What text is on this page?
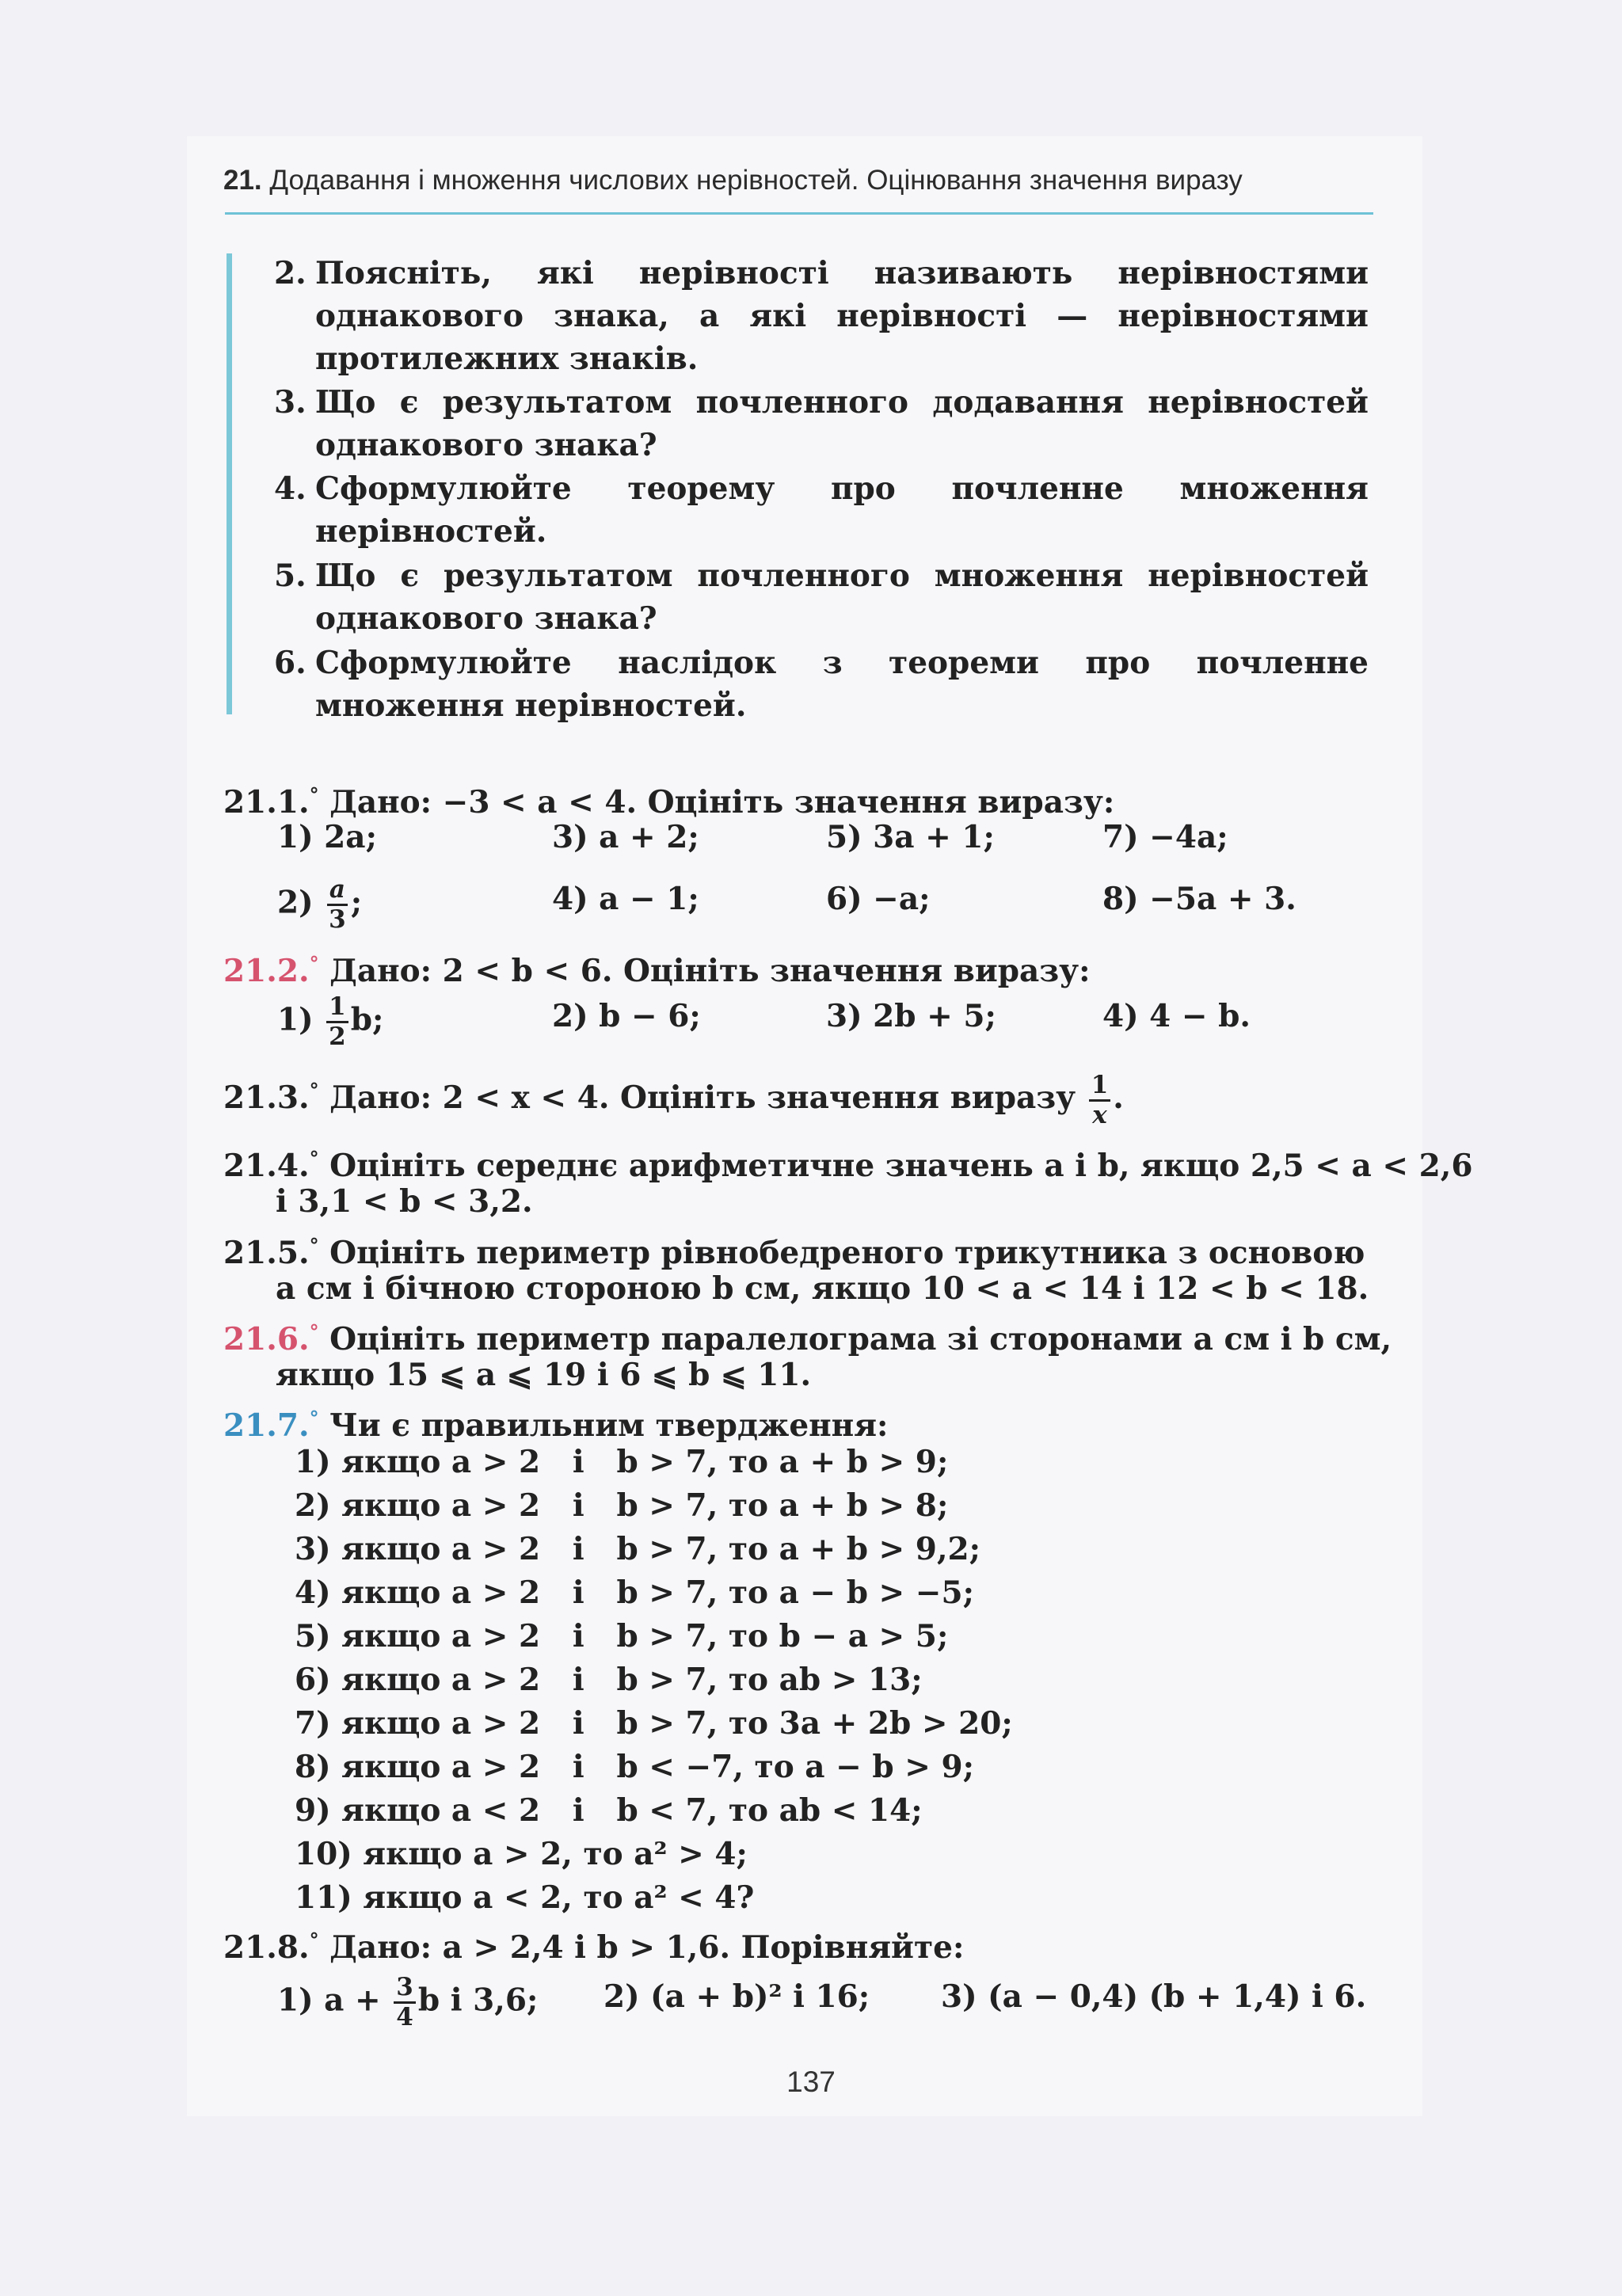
21. Додавання і множення числових нерівностей. Оцінювання значення виразу
2. Поясніть, які нерівності називають нерівностями однакового знака, а які нерівності — нерівностями протилежних знаків.
3. Що є результатом почленного додавання нерівностей однакового знака?
4. Сформулюйте теорему про почленне множення нерівностей.
5. Що є результатом почленного множення нерівностей однакового знака?
6. Сформулюйте наслідок з теореми про почленне множення нерівностей.
21.1.° Дано: −3 < a < 4. Оцініть значення виразу:
1) 2a;	3) a + 2;	5) 3a + 1;	7) −4a;
$2) \frac{a}{3}$ ;	4) a − 1;	6) −a;	8) −5a + 3.
21.2.° Дано: 2 < b < 6. Оцініть значення виразу:
$1) \frac{1}{2} b$;	2) b − 6;	3) 2b + 5;	4) 4 − b.
21.3.° Дано: 2 < x < 4. Оцініть значення виразу $\frac{1}{x}$ .
21.4.° Оцініть середнє арифметичне значень a і b, якщо 2,5 < a < 2,6
і 3,1 < b < 3,2.
21.5.° Оцініть периметр рівнобедреного трикутника з основою
a см і бічною стороною b см, якщо 10 < a < 14 і 12 < b < 18.
21.6.° Оцініть периметр паралелограма зі сторонами a см і b см,
якщо 15 ⩽ a ⩽ 19 і 6 ⩽ b ⩽ 11.
21.7.° Чи є правильним твердження:
1) якщо a > 2   і   b > 7, то a + b > 9;
2) якщо a > 2   і   b > 7, то a + b > 8;
3) якщо a > 2   і   b > 7, то a + b > 9,2;
4) якщо a > 2   і   b > 7, то a − b > −5;
5) якщо a > 2   і   b > 7, то b − a > 5;
6) якщо a > 2   і   b > 7, то ab > 13;
7) якщо a > 2   і   b > 7, то 3a + 2b > 20;
8) якщо a > 2   і   b < −7, то a − b > 9;
9) якщо a < 2   і   b < 7, то ab < 14;
10) якщо a > 2, то a² > 4;
11) якщо a < 2, то a² < 4?
21.8.° Дано: a > 2,4 і b > 1,6. Порівняйте:
1) $a + \frac{3}{4}$ b і 3,6; 2) (a + b)² і 16; 3) (a − 0,4) (b + 1,4) і 6.
137
